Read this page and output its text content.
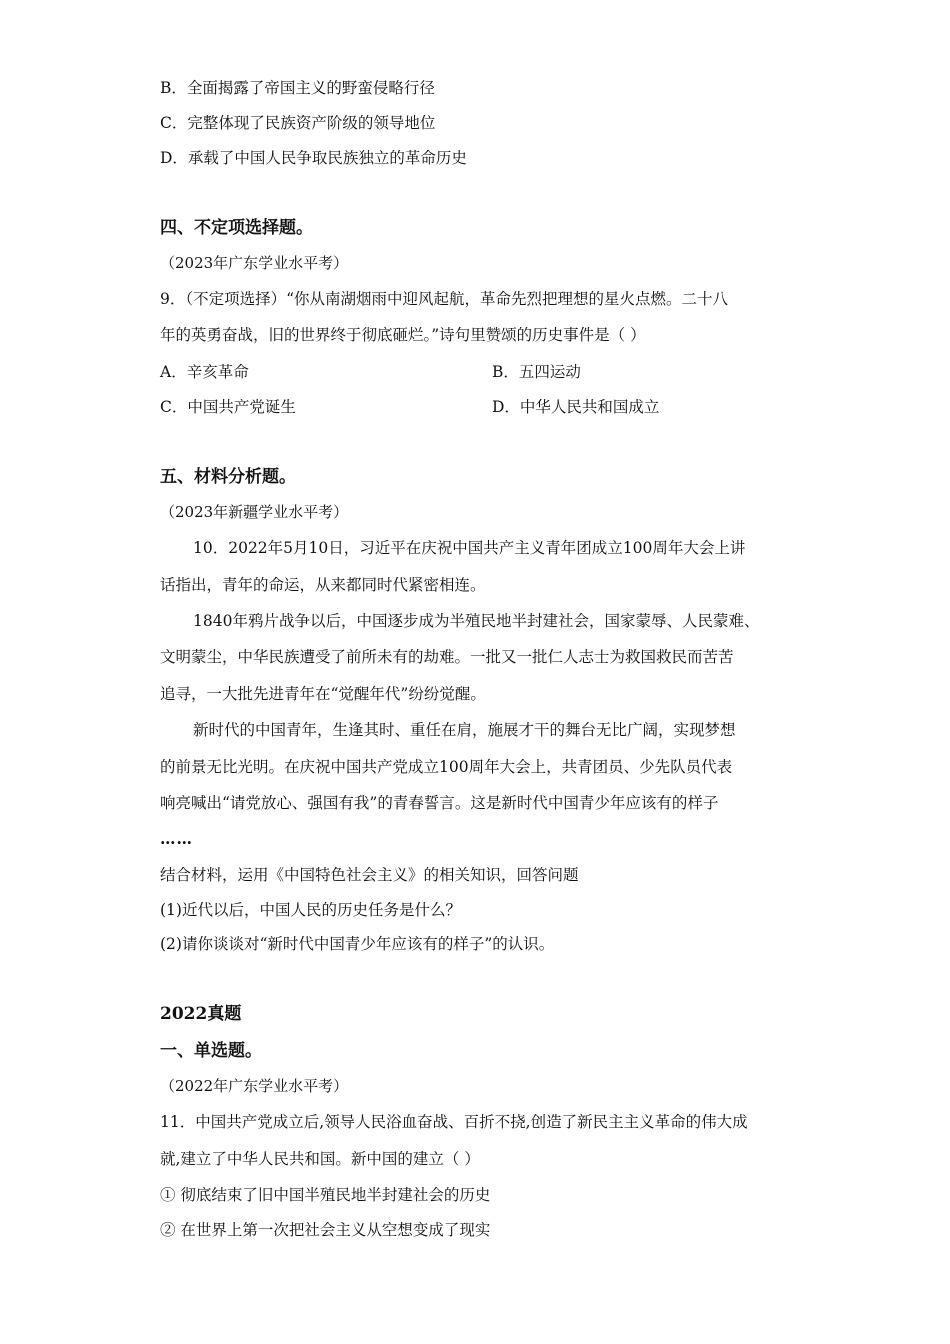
B．全面揭露了帝国主义的野蛮侵略行径
C．完整体现了民族资产阶级的领导地位
D．承载了中国人民争取民族独立的革命历史
四、不定项选择题。
（2023年广东学业水平考）
9．（不定项选择）“你从南湖烟雨中迎风起航，革命先烈把理想的星火点燃。二十八
年的英勇奋战，旧的世界终于彻底砸烂。”诗句里赞颂的历史事件是（ ）
A．辛亥革命	B．五四运动
C．中国共产党诞生	D．中华人民共和国成立
五、材料分析题。
（2023年新疆学业水平考）
10．2022年5月10日，习近平在庆祝中国共产主义青年团成立100周年大会上讲
话指出，青年的命运，从来都同时代紧密相连。
1840年鸦片战争以后，中国逐步成为半殖民地半封建社会，国家蒙辱、人民蒙难、
文明蒙尘，中华民族遭受了前所未有的劫难。一批又一批仁人志士为救国救民而苦苦
追寻，一大批先进青年在“觉醒年代”纷纷觉醒。
新时代的中国青年，生逢其时、重任在肩，施展才干的舞台无比广阔，实现梦想
的前景无比光明。在庆祝中国共产党成立100周年大会上，共青团员、少先队员代表
响亮喊出“请党放心、强国有我”的青春誓言。这是新时代中国青少年应该有的样子
……
结合材料，运用《中国特色社会主义》的相关知识，回答问题
(1)近代以后，中国人民的历史任务是什么？
(2)请你谈谈对“新时代中国青少年应该有的样子”的认识。
2022真题
一、单选题。
（2022年广东学业水平考）
11．中国共产党成立后,领导人民浴血奋战、百折不挠,创造了新民主主义革命的伟大成
就,建立了中华人民共和国。新中国的建立（ ）
① 彻底结束了旧中国半殖民地半封建社会的历史
② 在世界上第一次把社会主义从空想变成了现实
